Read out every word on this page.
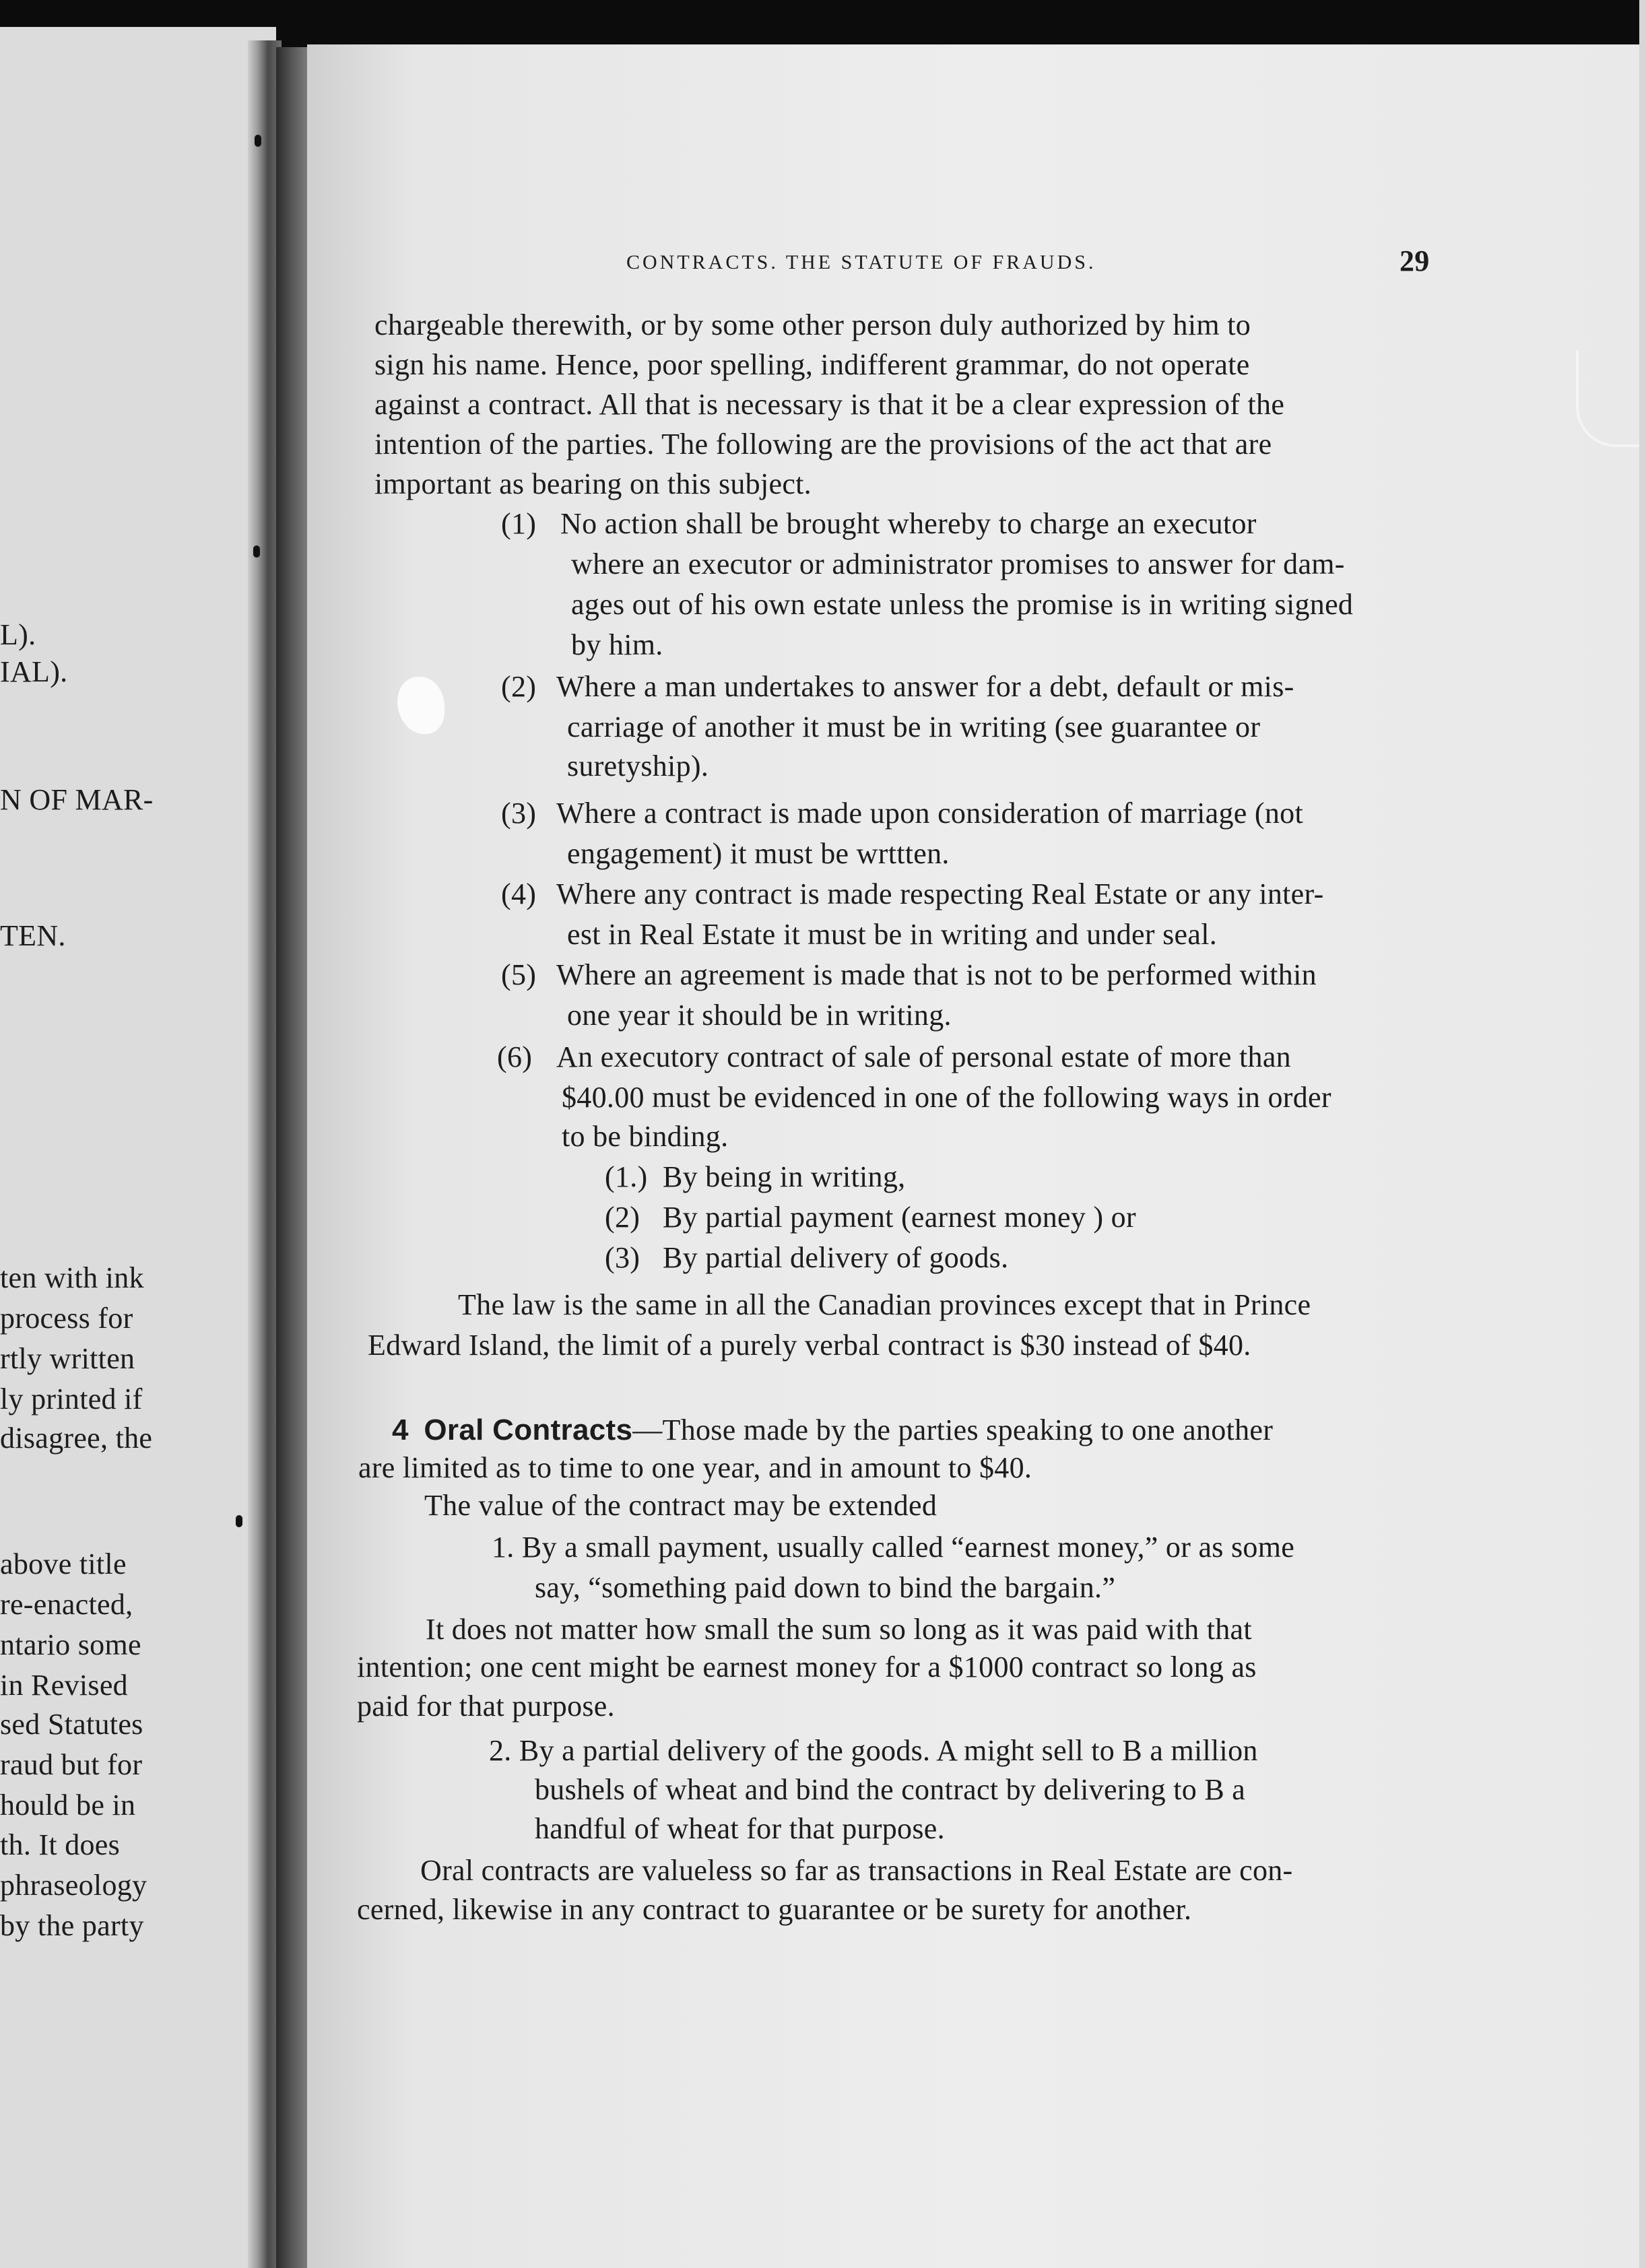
L).
IAL).
N OF MAR-
TEN.
ten with ink
process for
rtly written
ly printed if
disagree, the
above title
re-enacted,
ntario some
in Revised
sed Statutes
raud but for
hould be in
th. It does
phraseology
by the party
CONTRACTS. THE STATUTE OF FRAUDS.	29
chargeable therewith, or by some other person duly authorized by him to
sign his name. Hence, poor spelling, indifferent grammar, do not operate
against a contract. All that is necessary is that it be a clear expression of the
intention of the parties. The following are the provisions of the act that are
important as bearing on this subject.
(1) No action shall be brought whereby to charge an executor
where an executor or administrator promises to answer for dam-
ages out of his own estate unless the promise is in writing signed
by him.
(2) Where a man undertakes to answer for a debt, default or mis-
carriage of another it must be in writing (see guarantee or
suretyship).
(3) Where a contract is made upon consideration of marriage (not
engagement) it must be wrttten.
(4) Where any contract is made respecting Real Estate or any inter-
est in Real Estate it must be in writing and under seal.
(5) Where an agreement is made that is not to be performed within
one year it should be in writing.
(6) An executory contract of sale of personal estate of more than
$40.00 must be evidenced in one of the following ways in order
to be binding.
(1.) By being in writing,
(2) By partial payment (earnest money ) or
(3) By partial delivery of goods.
The law is the same in all the Canadian provinces except that in Prince
Edward Island, the limit of a purely verbal contract is $30 instead of $40.
4 Oral Contracts—Those made by the parties speaking to one another
are limited as to time to one year, and in amount to $40.
The value of the contract may be extended
1. By a small payment, usually called “earnest money,” or as some
say, “something paid down to bind the bargain.”
It does not matter how small the sum so long as it was paid with that
intention; one cent might be earnest money for a $1000 contract so long as
paid for that purpose.
2. By a partial delivery of the goods. A might sell to B a million
bushels of wheat and bind the contract by delivering to B a
handful of wheat for that purpose.
Oral contracts are valueless so far as transactions in Real Estate are con-
cerned, likewise in any contract to guarantee or be surety for another.
